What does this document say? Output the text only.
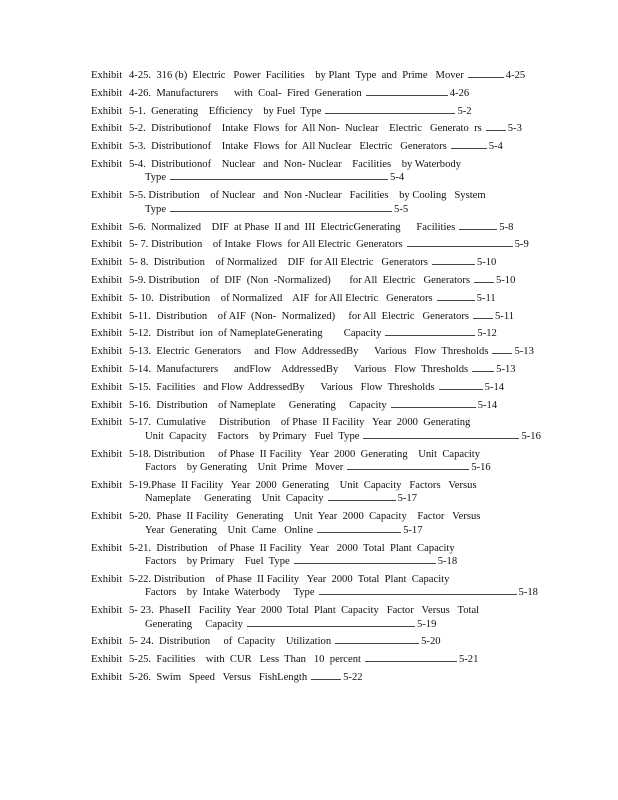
Exhibit 4-25.  316 (b)  Electric   Power  Facilities    by Plant  Type  and  Prime   Mover	4-25
Exhibit 4-26.  Manufacturers      with  Coal-  Fired  Generation	4-26
Exhibit 5-1.  Generating    Efficiency    by Fuel  Type	5-2
Exhibit 5-2.  Distributionof    Intake  Flows  for  All Non-  Nuclear    Electric   Generato  rs 5-3
Exhibit 5-3.  Distributionof    Intake  Flows  for  All Nuclear   Electric   Generators	5-4
Exhibit 5-4.  Distributionof    Nuclear   and  Non- Nuclear    Facilities    by Waterbody
Type	5-4
Exhibit 5-5. Distribution    of Nuclear   and  Non -Nuclear   Facilities    by Cooling   System
Type	5-5
Exhibit 5-6.  Normalized    DIF  at Phase  II and  III  ElectricGenerating      Facilities	5-8
Exhibit 5- 7. Distribution    of Intake  Flows  for All Electric  Generators	5-9
Exhibit 5- 8.  Distribution    of Normalized    DIF  for All Electric   Generators	5-10
Exhibit 5-9. Distribution    of  DIF  (Non  -Normalized)       for All  Electric   Generators 5-10
Exhibit 5- 10.  Distribution    of Normalized    AIF  for All Electric   Generators	5-11
Exhibit 5-11.  Distribution    of AIF  (Non-  Normalized)     for All  Electric   Generators 5-11
Exhibit 5-12.  Distribut  ion  of NameplateGenerating        Capacity	5-12
Exhibit 5-13.  Electric  Generators     and  Flow  AddressedBy      Various   Flow  Thresholds 5-13
Exhibit 5-14.  Manufacturers      andFlow    AddressedBy      Various   Flow  Thresholds	5-13
Exhibit 5-15.  Facilities   and Flow  AddressedBy      Various   Flow  Thresholds	5-14
Exhibit 5-16.  Distribution    of Nameplate     Generating     Capacity	5-14
Exhibit 5-17.  Cumulative     Distribution    of Phase  II Facility   Year  2000  Generating
Unit  Capacity    Factors    by Primary   Fuel  Type	5-16
Exhibit 5-18. Distribution     of Phase  II Facility   Year  2000  Generating    Unit  Capacity
Factors    by Generating    Unit  Prime   Mover	5-16
Exhibit 5-19.Phase  II Facility   Year  2000  Generating    Unit  Capacity   Factors   Versus
Nameplate     Generating    Unit  Capacity	5-17
Exhibit 5-20.  Phase  II Facility   Generating    Unit  Year  2000  Capacity    Factor   Versus
Year  Generating    Unit  Came   Online	5-17
Exhibit 5-21.  Distribution    of Phase  II Facility   Year   2000  Total  Plant  Capacity
Factors    by Primary    Fuel  Type	5-18
Exhibit 5-22. Distribution    of Phase  II Facility   Year  2000  Total  Plant  Capacity
Factors    by  Intake  Waterbody     Type	5-18
Exhibit 5- 23.  PhaseII   Facility  Year  2000  Total  Plant  Capacity   Factor   Versus   Total
Generating     Capacity	5-19
Exhibit 5- 24.  Distribution     of  Capacity    Utilization	5-20
Exhibit 5-25.  Facilities    with  CUR   Less  Than   10  percent	5-21
Exhibit 5-26.  Swim   Speed   Versus   FishLength	5-22
